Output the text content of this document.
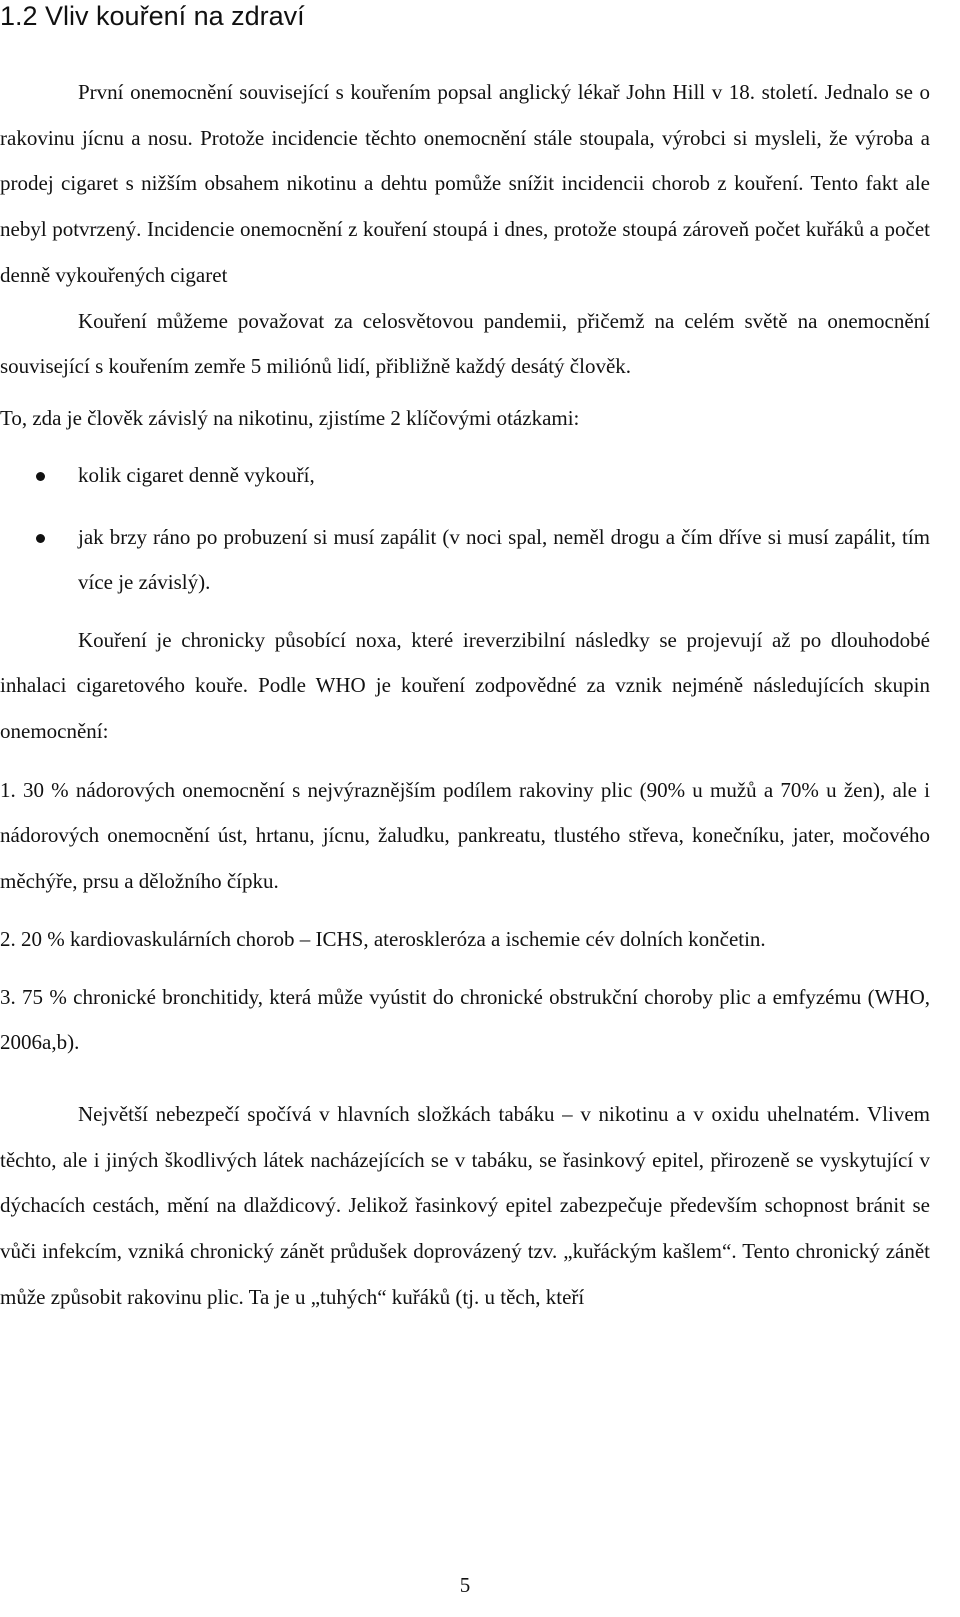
1.2 Vliv kouření na zdraví

První onemocnění související s kouřením popsal anglický lékař John Hill v 18. století. Jednalo se o rakovinu jícnu a nosu. Protože incidencie těchto onemocnění stále stoupala, výrobci si mysleli, že výroba a prodej cigaret s nižším obsahem nikotinu a dehtu pomůže snížit incidencii chorob z kouření. Tento fakt ale nebyl potvrzený. Incidencie onemocnění z kouření stoupá i dnes, protože stoupá zároveň počet kuřáků a počet denně vykouřených cigaret

Kouření můžeme považovat za celosvětovou pandemii, přičemž na celém světě na onemocnění související s kouřením zemře 5 miliónů lidí, přibližně každý desátý člověk.

To, zda je člověk závislý na nikotinu, zjistíme 2 klíčovými otázkami:

kolik cigaret denně vykouří,
jak brzy ráno po probuzení si musí zapálit (v noci spal, neměl drogu a čím dříve si musí zapálit, tím více je závislý).

Kouření je chronicky působící noxa, které ireverzibilní následky se projevují až po dlouhodobé inhalaci cigaretového kouře. Podle WHO je kouření zodpovědné za vznik nejméně následujících skupin onemocnění:

1. 30 % nádorových onemocnění s nejvýraznějším podílem rakoviny plic (90% u mužů a 70% u žen), ale i nádorových onemocnění úst, hrtanu, jícnu, žaludku, pankreatu, tlustého střeva, konečníku, jater, močového měchýře, prsu a děložního čípku.

2. 20 % kardiovaskulárních chorob – ICHS, ateroskleróza a ischemie cév dolních končetin.

3. 75 % chronické bronchitidy, která může vyústit do chronické obstrukční choroby plic a emfyzému (WHO, 2006a,b).

Největší nebezpečí spočívá v hlavních složkách tabáku – v nikotinu a v oxidu uhelnatém. Vlivem těchto, ale i jiných škodlivých látek nacházejících se v tabáku, se řasinkový epitel, přirozeně se vyskytující v dýchacích cestách, mění na dlaždicový. Jelikož řasinkový epitel zabezpečuje především schopnost bránit se vůči infekcím, vzniká chronický zánět průdušek doprovázený tzv. „kuřáckým kašlem“. Tento chronický zánět může způsobit rakovinu plic. Ta je u „tuhých“ kuřáků (tj. u těch, kteří

5
